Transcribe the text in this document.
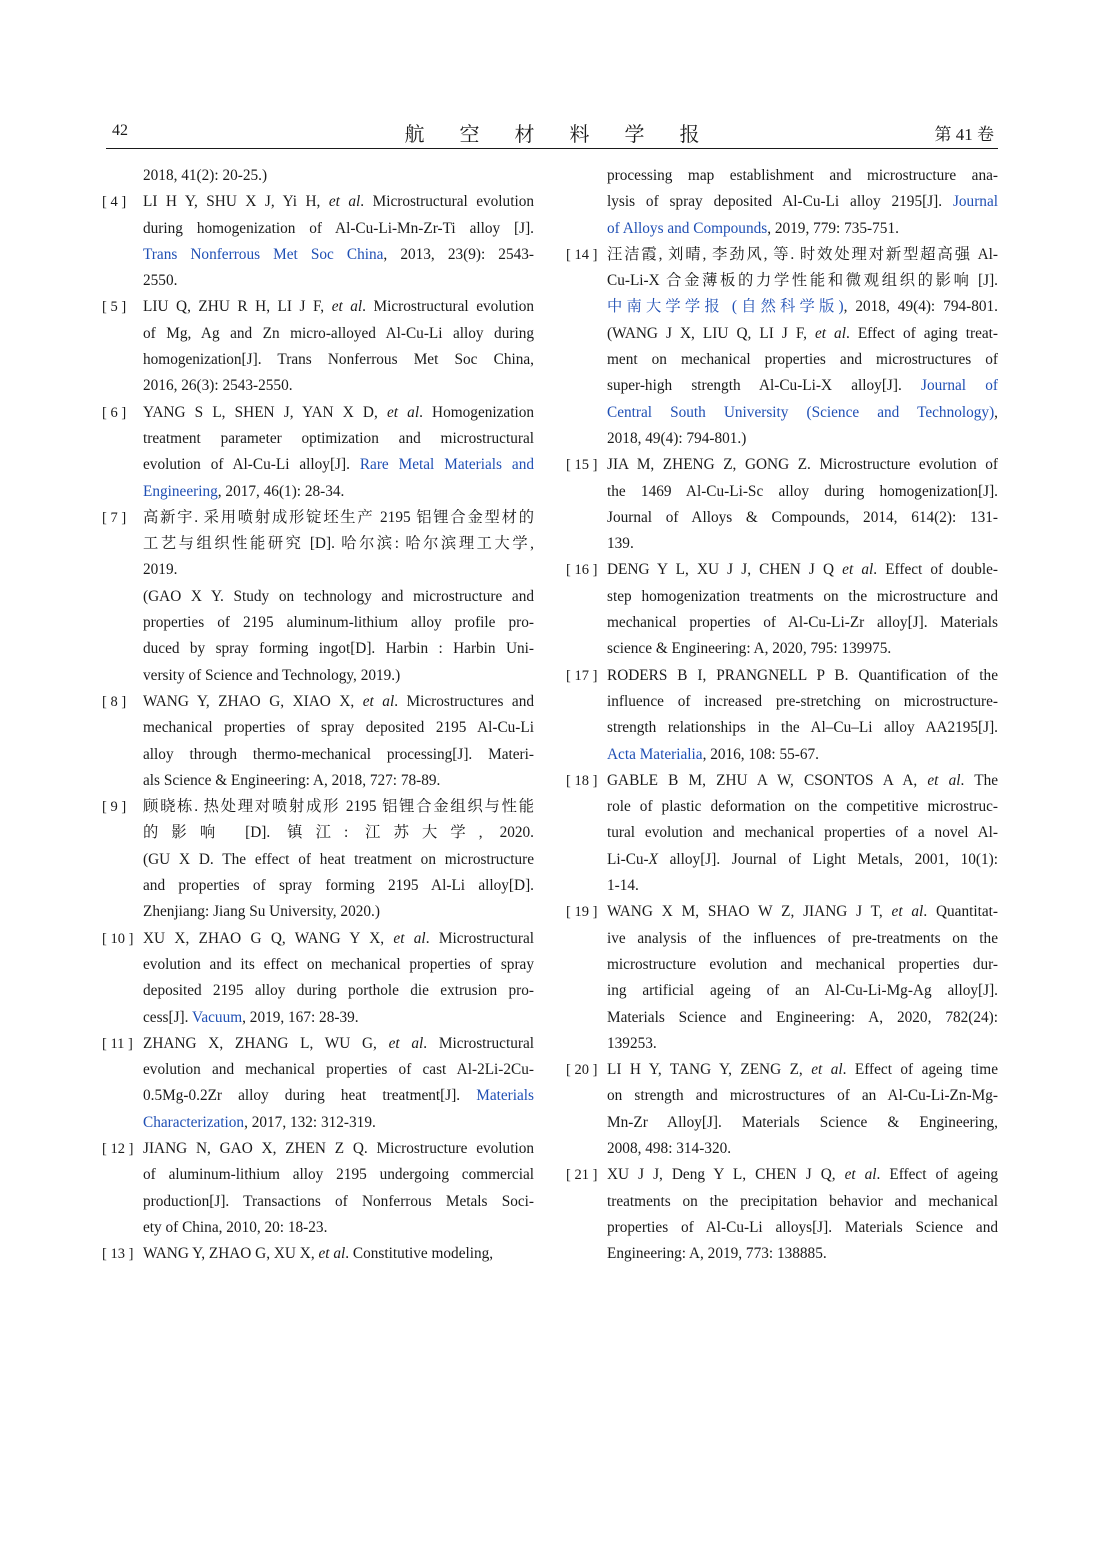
42	航 空 材 料 学 报	第 41 卷
2018, 41(2): 20-25.)
[ 4 ] LI H Y, SHU X J, Yi H, et al. Microstructural evolution
during homogenization of Al-Cu-Li-Mn-Zr-Ti alloy [J].
Trans Nonferrous Met Soc China, 2013, 23(9): 2543-
2550.
[ 5 ] LIU Q, ZHU R H, LI J F, et al. Microstructural evolution
of Mg, Ag and Zn micro-alloyed Al-Cu-Li alloy during
homogenization[J]. Trans Nonferrous Met Soc China,
2016, 26(3): 2543-2550.
[ 6 ] YANG S L, SHEN J, YAN X D, et al. Homogenization
treatment parameter optimization and microstructural
evolution of Al-Cu-Li alloy[J]. Rare Metal Materials and
Engineering, 2017, 46(1): 28-34.
[ 7 ] 高新宇. 采用喷射成形锭坯生产 2195 铝锂合金型材的
工艺与组织性能研究 [D]. 哈尔滨: 哈尔滨理工大学,
2019.
(GAO X Y. Study on technology and microstructure and
properties of 2195 aluminum-lithium alloy profile pro-
duced by spray forming ingot[D]. Harbin : Harbin Uni-
versity of Science and Technology, 2019.)
[ 8 ] WANG Y, ZHAO G, XIAO X, et al. Microstructures and
mechanical properties of spray deposited 2195 Al-Cu-Li
alloy through thermo-mechanical processing[J]. Materi-
als Science & Engineering: A, 2018, 727: 78-89.
[ 9 ] 顾晓栋. 热处理对喷射成形 2195 铝锂合金组织与性能
的影响 [D]. 镇江: 江苏大学, 2020.
(GU X D. The effect of heat treatment on microstructure
and properties of spray forming 2195 Al-Li alloy[D].
Zhenjiang: Jiang Su University, 2020.)
[ 10 ] XU X, ZHAO G Q, WANG Y X, et al. Microstructural
evolution and its effect on mechanical properties of spray
deposited 2195 alloy during porthole die extrusion pro-
cess[J]. Vacuum, 2019, 167: 28-39.
[ 11 ] ZHANG X, ZHANG L, WU G, et al. Microstructural
evolution and mechanical properties of cast Al-2Li-2Cu-
0.5Mg-0.2Zr alloy during heat treatment[J]. Materials
Characterization, 2017, 132: 312-319.
[ 12 ] JIANG N, GAO X, ZHEN Z Q. Microstructure evolution
of aluminum-lithium alloy 2195 undergoing commercial
production[J]. Transactions of Nonferrous Metals Soci-
ety of China, 2010, 20: 18-23.
[ 13 ] WANG Y, ZHAO G, XU X, et al. Constitutive modeling,
processing map establishment and microstructure ana-
lysis of spray deposited Al-Cu-Li alloy 2195[J]. Journal
of Alloys and Compounds, 2019, 779: 735-751.
[ 14 ] 汪洁霞, 刘晴, 李劲风, 等. 时效处理对新型超高强 Al-
Cu-Li-X 合金薄板的力学性能和微观组织的影响 [J].
中南大学学报 (自然科学版), 2018, 49(4): 794-801.
(WANG J X, LIU Q, LI J F, et al. Effect of aging treat-
ment on mechanical properties and microstructures of
super-high strength Al-Cu-Li-X alloy[J]. Journal of
Central South University (Science and Technology),
2018, 49(4): 794-801.)
[ 15 ] JIA M, ZHENG Z, GONG Z. Microstructure evolution of
the 1469 Al-Cu-Li-Sc alloy during homogenization[J].
Journal of Alloys & Compounds, 2014, 614(2): 131-
139.
[ 16 ] DENG Y L, XU J J, CHEN J Q et al. Effect of double-
step homogenization treatments on the microstructure and
mechanical properties of Al-Cu-Li-Zr alloy[J]. Materials
science & Engineering: A, 2020, 795: 139975.
[ 17 ] RODERS B I, PRANGNELL P B. Quantification of the
influence of increased pre-stretching on microstructure-
strength relationships in the Al–Cu–Li alloy AA2195[J].
Acta Materialia, 2016, 108: 55-67.
[ 18 ] GABLE B M, ZHU A W, CSONTOS A A, et al. The
role of plastic deformation on the competitive microstruc-
tural evolution and mechanical properties of a novel Al-
Li-Cu-X alloy[J]. Journal of Light Metals, 2001, 10(1):
1-14.
[ 19 ] WANG X M, SHAO W Z, JIANG J T, et al. Quantitat-
ive analysis of the influences of pre-treatments on the
microstructure evolution and mechanical properties dur-
ing artificial ageing of an Al-Cu-Li-Mg-Ag alloy[J].
Materials Science and Engineering: A, 2020, 782(24):
139253.
[ 20 ] LI H Y, TANG Y, ZENG Z, et al. Effect of ageing time
on strength and microstructures of an Al-Cu-Li-Zn-Mg-
Mn-Zr Alloy[J]. Materials Science & Engineering,
2008, 498: 314-320.
[ 21 ] XU J J, Deng Y L, CHEN J Q, et al. Effect of ageing
treatments on the precipitation behavior and mechanical
properties of Al-Cu-Li alloys[J]. Materials Science and
Engineering: A, 2019, 773: 138885.
